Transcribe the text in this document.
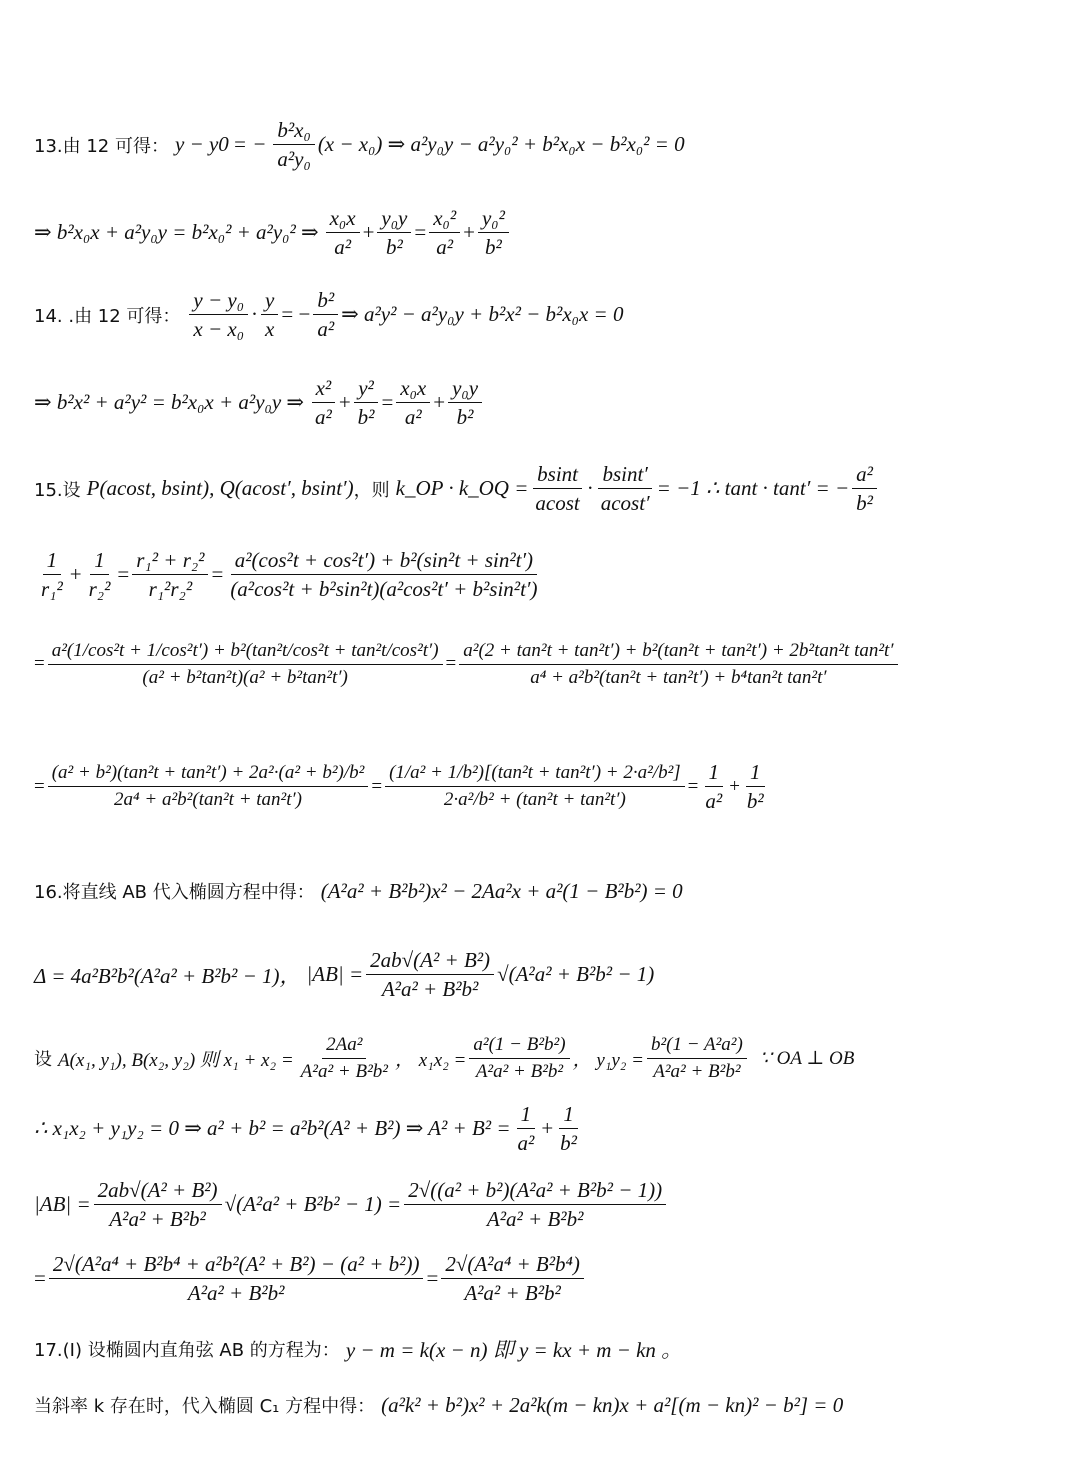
13.由 12 可得： y − y 0 = − $\frac{\text{b²x₀}}{\text{a²y₀}} (x - x_0)$ ⇒ a²y₀y − a²y₀² + b²x₀x − b²x₀² = 0
⇒ b²x₀x + a²y₀y = b²x₀² + a²y₀² ⇒ $\frac{\text{x₀x}}{\text{a²}} + \frac{\text{y₀y}}{\text{b²}} = \frac{\text{x₀²}}{\text{a²}} + \frac{\text{y₀²}}{\text{b²}}$
14. .由 12 可得： $\frac{\text{y − y₀}}{\text{x − x₀}} \cdot \frac{y}{x}$ = − $\frac{\text{b²}}{\text{a²}}$ ⇒ a²y² − a²y₀y + b²x² − b²x₀x = 0
⇒ b²x² + a²y² = b²x₀x + a²y₀y ⇒ $\frac{\text{x²}}{\text{a²}} + \frac{\text{y²}}{\text{b²}} = \frac{\text{x₀x}}{\text{a²}} + \frac{\text{y₀y}}{\text{b²}}$
15.设 P(acost, bsint), Q(acost′, bsint′) ，则 k_OP · k_OQ = $\frac{bsint}{acost} \cdot \frac{bsint'}{acost'} = -1$ ∴ tant · tant′ = − $\frac{\text{a²}}{\text{b²}}$
$\frac{1}{\text{r₁²}} + \frac{1}{\text{r₂²}} = \frac{\text{r₁² + r₂²}}{\text{r₁²r₂²}} = \frac{\text{a²(cos²t + cos²t′) + b²(sin²t + sin²t′)}}{\text{(a²cos²t + b²sin²t)(a²cos²t′ + b²sin²t′)}}$
= $\frac{\text{a²(1/cos²t + 1/cos²t′) + b²(tan²t/cos²t + tan²t/cos²t′)}}{\text{(a² + b²tan²t)(a² + b²tan²t′)}}$ =
a²(2 + tan²t + tan²t′) + b²(tan²t + tan²t′) + 2b²tan²t tan²t′
a⁴ + a²b²(tan²t + tan²t′) + b⁴tan²t tan²t′
= $\frac{\text{(a² + b²)(tan²t + tan²t′) + 2a²·(a² + b²)/b²}}{\text{2a⁴ + a²b²(tan²t + tan²t′)}} = \frac{\text{(1/a² + 1/b²)[(tan²t + tan²t′) + 2·a²/b²]}}{\text{2·a²/b² + (tan²t + tan²t′)}} = \frac{1}{\text{a²}} + \frac{1}{\text{b²}}$
16.将直线 AB 代入椭圆方程中得： (A²a² + B²b²)x² − 2Aa²x + a²(1 − B²b²) = 0
Δ = 4a²B²b²(A²a² + B²b² − 1)， $|AB| = \frac{\text{2ab√(A² + B²)}}{\text{A²a² + B²b²}} √(A^2a^2 + B^2b^2 - 1)$
设 A(x₁, y₁), B(x₂, y₂) 则 $x_1 + x_2 = \frac{\text{2Aa²}}{\text{A²a² + B²b²}}$ ， $x_1x_2 = \frac{\text{a²(1 − B²b²)}}{\text{A²a² + B²b²}}$ ， $y_1y_2 = \frac{\text{b²(1 − A²a²)}}{\text{A²a² + B²b²}}$ ∵ OA ⊥ OB
∴ x₁x₂ + y₁y₂ = 0 ⇒ a² + b² = a²b²(A² + B²) ⇒ $A^2 + B^2 = \frac{1}{\text{a²}} + \frac{1}{\text{b²}}$
$|AB| = \frac{\text{2ab√(A² + B²)}}{\text{A²a² + B²b²}} √(A^2a^2 + B^2b^2 - 1) = \frac{\text{2√((a² + b²)(A²a² + B²b² − 1))}}{\text{A²a² + B²b²}}$
= $\frac{\text{2√(A²a⁴ + B²b⁴ + a²b²(A² + B²) − (a² + b²))}}{\text{A²a² + B²b²}} = \frac{\text{2√(A²a⁴ + B²b⁴)}}{\text{A²a² + B²b²}}$
17.(I) 设椭圆内直角弦 AB 的方程为： y − m = k(x − n) 即 y = kx + m − kn 。
当斜率 k 存在时，代入椭圆 C₁ 方程中得： (a²k² + b²)x² + 2a²k(m − kn)x + a²[(m − kn)² − b²] = 0
